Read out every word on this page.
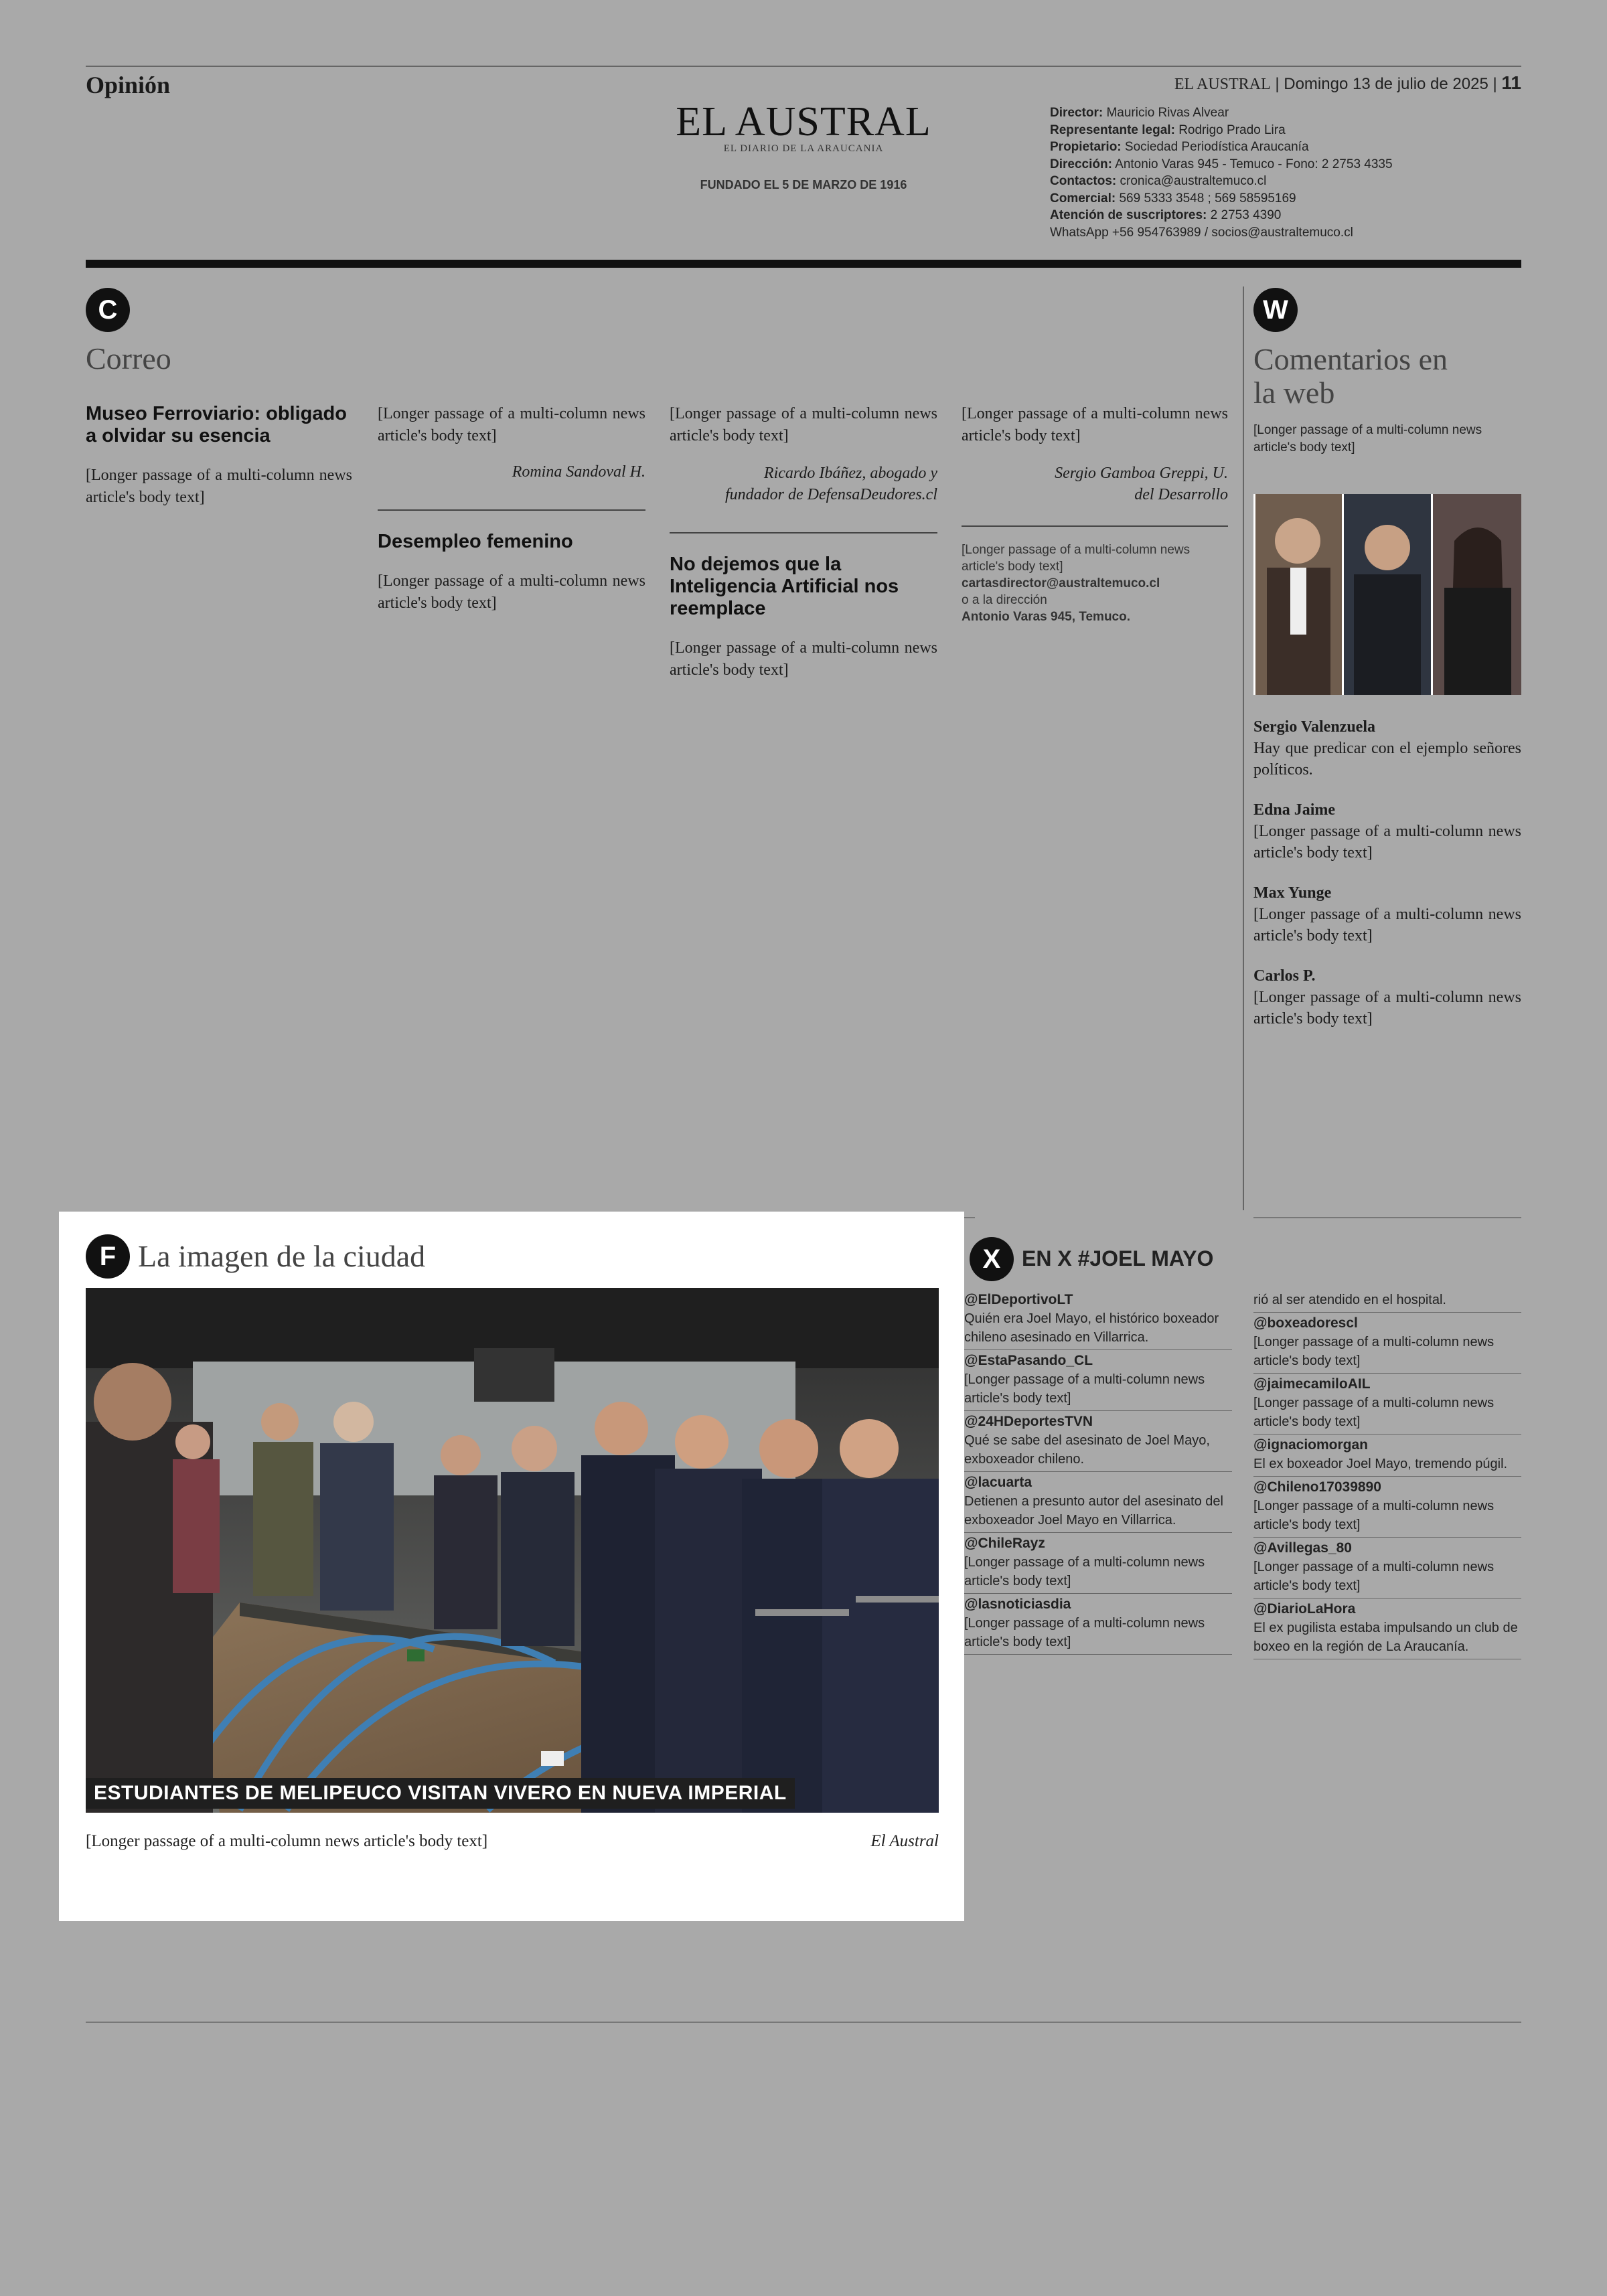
Opinión	EL AUSTRAL | Domingo 13 de julio de 2025 | 11
EL AUSTRAL
EL DIARIO DE LA ARAUCANIA
FUNDADO EL 5 DE MARZO DE 1916
Director: Mauricio Rivas Alvear
Representante legal: Rodrigo Prado Lira
Propietario: Sociedad Periodística Araucanía
Dirección: Antonio Varas 945 - Temuco - Fono: 2 2753 4335
Contactos: cronica@australtemuco.cl
Comercial: 569 5333 3548 ; 569 58595169
Atención de suscriptores: 2 2753 4390
WhatsApp +56 954763989 / socios@australtemuco.cl
C
Correo
Museo Ferroviario: obligado a olvidar su esencia

[Longer passage of a multi-column news article's body text]

[Longer passage of a multi-column news article's body text]

Romina Sandoval H.
Desempleo femenino

[Longer passage of a multi-column news article's body text]

[Longer passage of a multi-column news article's body text]

Ricardo Ibáñez, abogado y fundador de DefensaDeudores.cl
No dejemos que la Inteligencia Artificial nos reemplace

[Longer passage of a multi-column news article's body text]

[Longer passage of a multi-column news article's body text]

Sergio Gamboa Greppi, U. del Desarrollo
[Longer passage of a multi-column news article's body text]
cartasdirector@australtemuco.cl
o a la dirección
Antonio Varas 945, Temuco.
W
Comentarios en la web
[Longer passage of a multi-column news article's body text]

Sergio Valenzuela

Hay que predicar con el ejemplo señores políticos.

Edna Jaime

[Longer passage of a multi-column news article's body text]

Max Yunge

[Longer passage of a multi-column news article's body text]

Carlos P.

[Longer passage of a multi-column news article's body text]

F La imagen de la ciudad
ESTUDIANTES DE MELIPEUCO VISITAN VIVERO EN NUEVA IMPERIAL
[Longer passage of a multi-column news article's body text]	El Austral
X EN X #JOEL MAYO
@ElDeportivoLT
Quién era Joel Mayo, el histórico boxeador chileno asesinado en Villarrica.
@EstaPasando_CL
[Longer passage of a multi-column news article's body text]
@24HDeportesTVN
Qué se sabe del asesinato de Joel Mayo, exboxeador chileno.
@lacuarta
Detienen a presunto autor del asesinato del exboxeador Joel Mayo en Villarrica.
@ChileRayz
[Longer passage of a multi-column news article's body text]
@lasnoticiasdia
[Longer passage of a multi-column news article's body text]
rió al ser atendido en el hospital.
@boxeadorescl
[Longer passage of a multi-column news article's body text]
@jaimecamiloAIL
[Longer passage of a multi-column news article's body text]
@ignaciomorgan
El ex boxeador Joel Mayo, tremendo púgil.
@Chileno17039890
[Longer passage of a multi-column news article's body text]
@Avillegas_80
[Longer passage of a multi-column news article's body text]
@DiarioLaHora
El ex pugilista estaba impulsando un club de boxeo en la región de La Araucanía.
